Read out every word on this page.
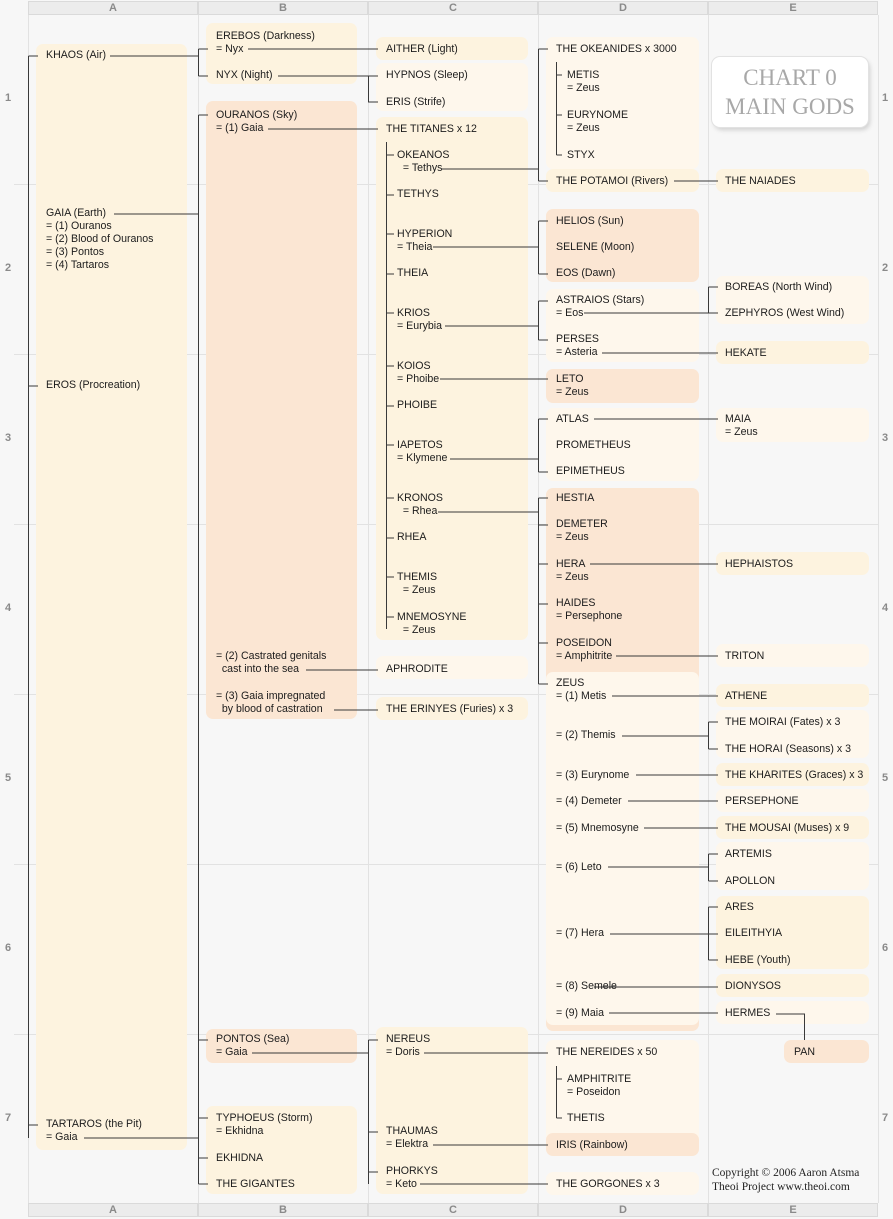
A	B	C	D	E
A	B	C	D	E
1
2
3
4
5
6
7
1
2
3
4
5
6
7
CHART 0
MAIN GODS
Copyright © 2006 Aaron Atsma
Theoi Project www.theoi.com
KHAOS (Air)
GAIA (Earth)
= (1) Ouranos
= (2) Blood of Ouranos
= (3) Pontos
= (4) Tartaros
EROS (Procreation)
TARTAROS (the Pit)
= Gaia
EREBOS (Darkness)
= Nyx
NYX (Night)
OURANOS (Sky)
= (1) Gaia
= (2) Castrated genitals
cast into the sea
= (3) Gaia impregnated
by blood of castration
PONTOS (Sea)
= Gaia
TYPHOEUS (Storm)
= Ekhidna
EKHIDNA
THE GIGANTES
AITHER (Light)
HYPNOS (Sleep)
ERIS (Strife)
THE TITANES x 12
OKEANOS
= Tethys
TETHYS
HYPERION
= Theia
THEIA
KRIOS
= Eurybia
KOIOS
= Phoibe
PHOIBE
IAPETOS
= Klymene
KRONOS
= Rhea
RHEA
THEMIS
= Zeus
MNEMOSYNE
= Zeus
APHRODITE
THE ERINYES (Furies) x 3
NEREUS
= Doris
THAUMAS
= Elektra
PHORKYS
= Keto
THE OKEANIDES x 3000
METIS
= Zeus
EURYNOME
= Zeus
STYX
THE POTAMOI (Rivers)
HELIOS (Sun)
SELENE (Moon)
EOS (Dawn)
ASTRAIOS (Stars)
= Eos
PERSES
= Asteria
LETO
= Zeus
ATLAS
PROMETHEUS
EPIMETHEUS
HESTIA
DEMETER
= Zeus
HERA
= Zeus
HAIDES
= Persephone
POSEIDON
= Amphitrite
ZEUS
= (1) Metis
= (2) Themis
= (3) Eurynome
= (4) Demeter
= (5) Mnemosyne
= (6) Leto
= (7) Hera
= (8) Semele
= (9) Maia
THE NEREIDES x 50
AMPHITRITE
= Poseidon
THETIS
IRIS (Rainbow)
THE GORGONES x 3
THE NAIADES
BOREAS (North Wind)
ZEPHYROS (West Wind)
HEKATE
MAIA
= Zeus
HEPHAISTOS
TRITON
ATHENE
THE MOIRAI (Fates) x 3
THE HORAI (Seasons) x 3
THE KHARITES (Graces) x 3
PERSEPHONE
THE MOUSAI (Muses) x 9
ARTEMIS
APOLLON
ARES
EILEITHYIA
HEBE (Youth)
DIONYSOS
HERMES
PAN
